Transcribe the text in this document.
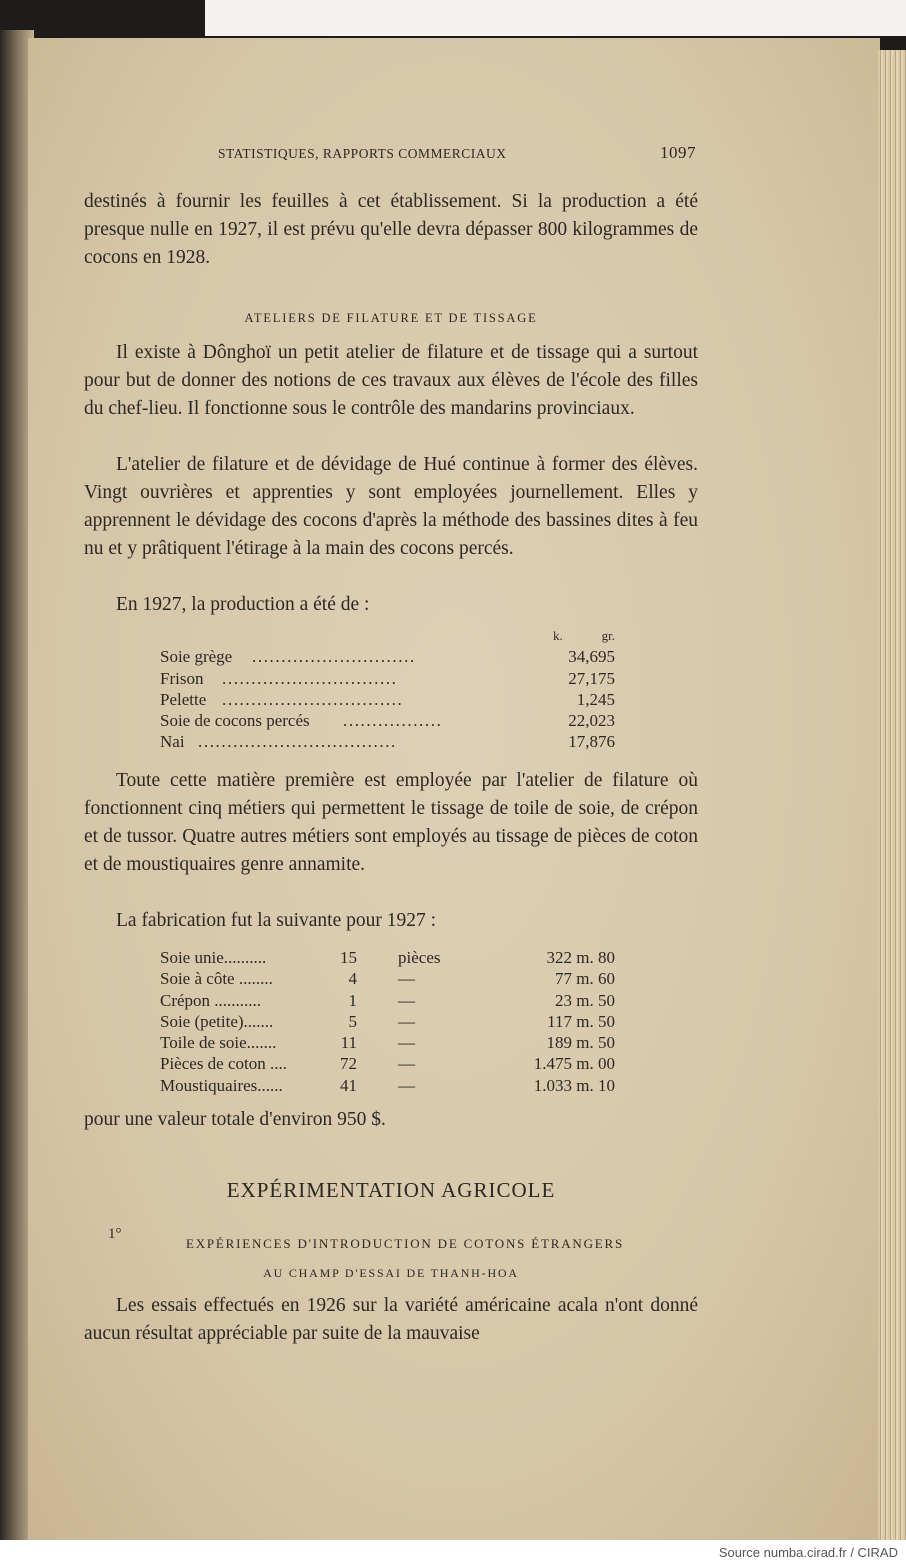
STATISTIQUES, RAPPORTS COMMERCIAUX	1097

destinés à fournir les feuilles à cet établissement. Si la production a été presque nulle en 1927, il est prévu qu'elle devra dépasser 800 kilogrammes de cocons en 1928.

ATELIERS DE FILATURE ET DE TISSAGE

Il existe à Dônghoï un petit atelier de filature et de tissage qui a surtout pour but de donner des notions de ces travaux aux élèves de l'école des filles du chef-lieu. Il fonctionne sous le contrôle des mandarins provinciaux.

L'atelier de filature et de dévidage de Hué continue à former des élèves. Vingt ouvrières et apprenties y sont employées journellement. Elles y apprennent le dévidage des cocons d'après la méthode des bassines dites à feu nu et y prâtiquent l'étirage à la main des cocons percés.

En 1927, la production a été de :

k.	gr.
Soie grège	34,695
............................
Frison	27,175
..............................
Pelette	1,245
...............................
Soie de cocons percés	22,023
.................
Nai	17,876
..................................

Toute cette matière première est employée par l'atelier de filature où fonctionnent cinq métiers qui permettent le tissage de toile de soie, de crépon et de tussor. Quatre autres métiers sont employés au tissage de pièces de coton et de moustiquaires genre annamite.

La fabrication fut la suivante pour 1927 :

Soie unie..........	15 pièces	322 m. 80
Soie à côte ........	4 —	77 m. 60
Crépon ...........	1 —	23 m. 50
Soie (petite).......	5 —	117 m. 50
Toile de soie.......	11 —	189 m. 50
Pièces de coton ....	72 —	1.475 m. 00
Moustiquaires......	41 —	1.033 m. 10

pour une valeur totale d'environ 950 $.

EXPÉRIMENTATION AGRICOLE
1°
EXPÉRIENCES D'INTRODUCTION DE COTONS ÉTRANGERS
AU CHAMP D'ESSAI DE THANH-HOA

Les essais effectués en 1926 sur la variété américaine acala n'ont donné aucun résultat appréciable par suite de la mauvaise

Source numba.cirad.fr / CIRAD
